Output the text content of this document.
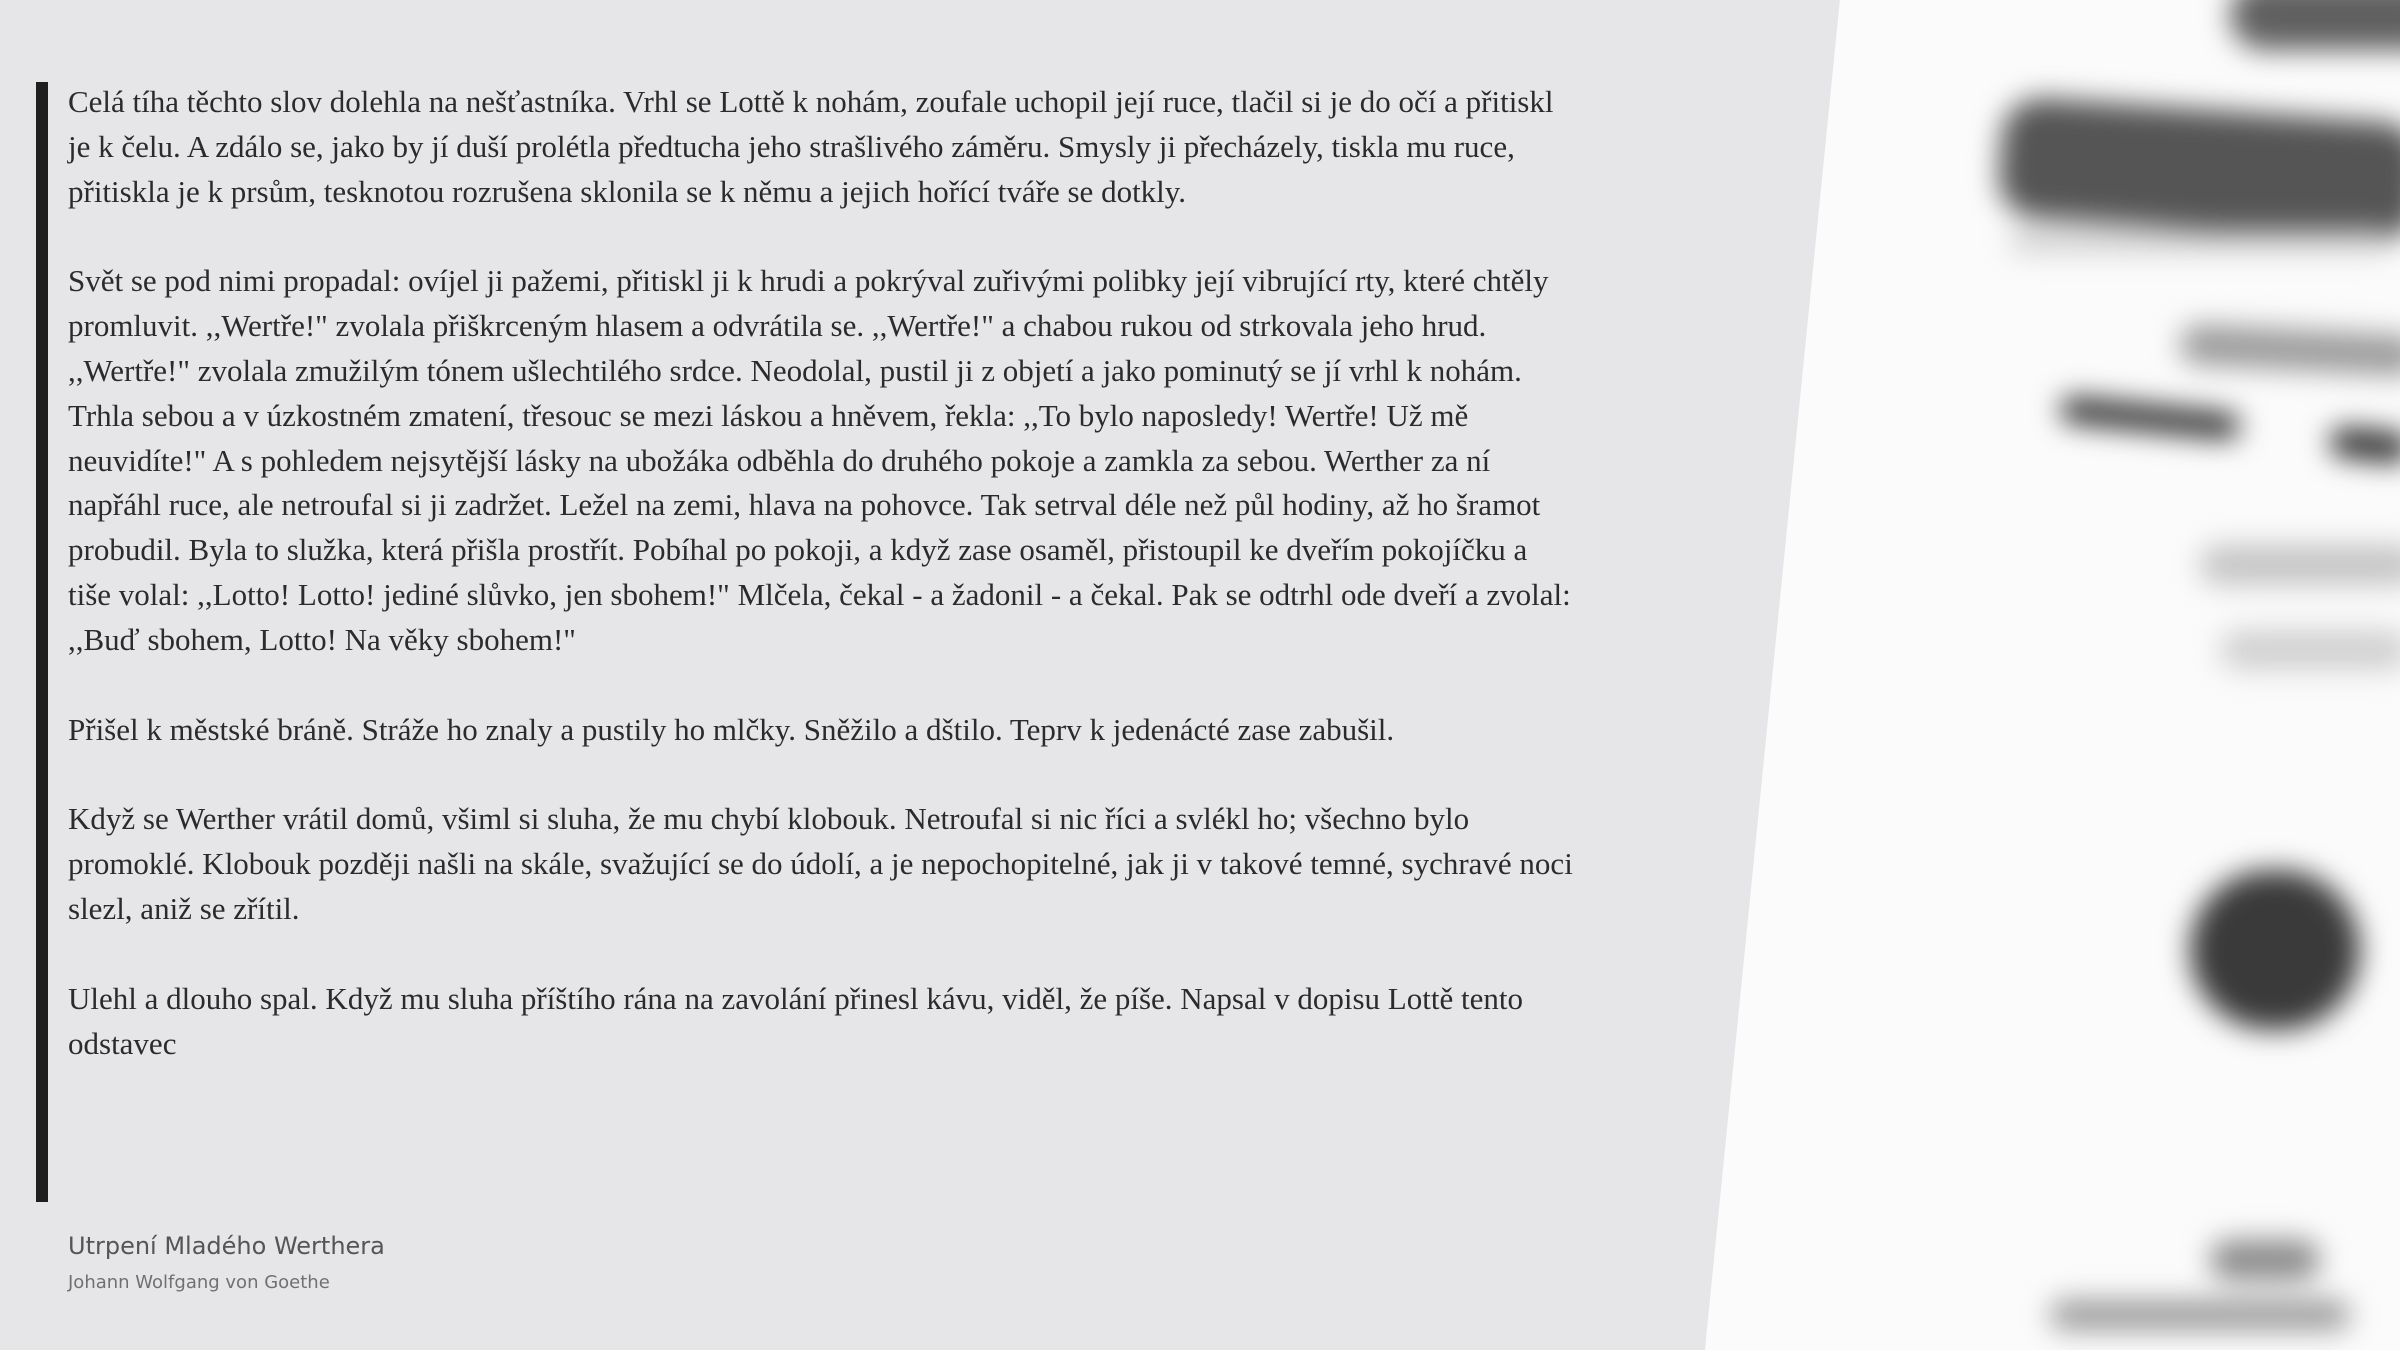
Celá tíha těchto slov dolehla na nešťastníka. Vrhl se Lottě k nohám, zoufale uchopil její ruce, tlačil si je do očí a přitiskl je k čelu. A zdálo se, jako by jí duší prolétla předtucha jeho strašlivého záměru. Smysly ji přecházely, tiskla mu ruce, přitiskla je k prsům, tesknotou rozrušena sklonila se k němu a jejich hořící tváře se dotkly.

Svět se pod nimi propadal: ovíjel ji pažemi, přitiskl ji k hrudi a pokrýval zuřivými polibky její vibrující rty, které chtěly promluvit. ,,Wertře!" zvolala přiškrceným hlasem a odvrátila se. ,,Wertře!" a chabou rukou od strkovala jeho hrud. ,,Wertře!" zvolala zmužilým tónem ušlechtilého srdce. Neodolal, pustil ji z objetí a jako pominutý se jí vrhl k nohám. Trhla sebou a v úzkostném zmatení, třesouc se mezi láskou a hněvem, řekla: ,,To bylo naposledy! Wertře! Už mě neuvidíte!" A s pohledem nejsytější lásky na ubožáka odběhla do druhého pokoje a zamkla za sebou. Werther za ní napřáhl ruce, ale netroufal si ji zadržet. Ležel na zemi, hlava na pohovce. Tak setrval déle než půl hodiny, až ho šramot probudil. Byla to služka, která přišla prostřít. Pobíhal po pokoji, a když zase osaměl, přistoupil ke dveřím pokojíčku a tiše volal: ,,Lotto! Lotto! jediné slůvko, jen sbohem!" Mlčela, čekal - a žadonil - a čekal. Pak se odtrhl ode dveří a zvolal: ,,Buď sbohem, Lotto! Na věky sbohem!"

Přišel k městské bráně. Stráže ho znaly a pustily ho mlčky. Sněžilo a dštilo. Teprv k jedenácté zase zabušil.

Když se Werther vrátil domů, všiml si sluha, že mu chybí klobouk. Netroufal si nic říci a svlékl ho; všechno bylo promoklé. Klobouk později našli na skále, svažující se do údolí, a je nepochopitelné, jak ji v takové temné, sychravé noci slezl, aniž se zřítil.

Ulehl a dlouho spal. Když mu sluha příštího rána na zavolání přinesl kávu, viděl, že píše. Napsal v dopisu Lottě tento odstavec

Utrpení Mladého Werthera
Johann Wolfgang von Goethe
